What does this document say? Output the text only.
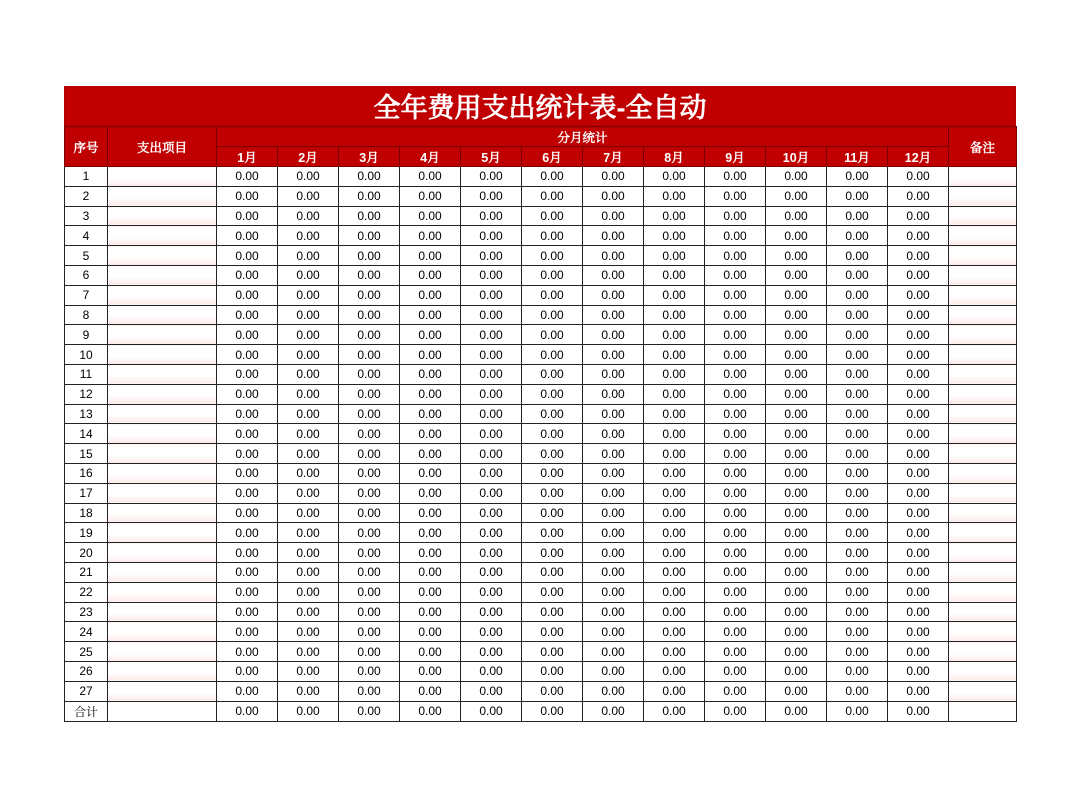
全年费用支出统计表-全自动
序号	支出项目	分月统计												备注
		1月	2月	3月	4月	5月	6月	7月	8月	9月	10月	11月	12月	
1		0.00	0.00	0.00	0.00	0.00	0.00	0.00	0.00	0.00	0.00	0.00	0.00	
2		0.00	0.00	0.00	0.00	0.00	0.00	0.00	0.00	0.00	0.00	0.00	0.00	
3		0.00	0.00	0.00	0.00	0.00	0.00	0.00	0.00	0.00	0.00	0.00	0.00	
4		0.00	0.00	0.00	0.00	0.00	0.00	0.00	0.00	0.00	0.00	0.00	0.00	
5		0.00	0.00	0.00	0.00	0.00	0.00	0.00	0.00	0.00	0.00	0.00	0.00	
6		0.00	0.00	0.00	0.00	0.00	0.00	0.00	0.00	0.00	0.00	0.00	0.00	
7		0.00	0.00	0.00	0.00	0.00	0.00	0.00	0.00	0.00	0.00	0.00	0.00	
8		0.00	0.00	0.00	0.00	0.00	0.00	0.00	0.00	0.00	0.00	0.00	0.00	
9		0.00	0.00	0.00	0.00	0.00	0.00	0.00	0.00	0.00	0.00	0.00	0.00	
10		0.00	0.00	0.00	0.00	0.00	0.00	0.00	0.00	0.00	0.00	0.00	0.00	
11		0.00	0.00	0.00	0.00	0.00	0.00	0.00	0.00	0.00	0.00	0.00	0.00	
12		0.00	0.00	0.00	0.00	0.00	0.00	0.00	0.00	0.00	0.00	0.00	0.00	
13		0.00	0.00	0.00	0.00	0.00	0.00	0.00	0.00	0.00	0.00	0.00	0.00	
14		0.00	0.00	0.00	0.00	0.00	0.00	0.00	0.00	0.00	0.00	0.00	0.00	
15		0.00	0.00	0.00	0.00	0.00	0.00	0.00	0.00	0.00	0.00	0.00	0.00	
16		0.00	0.00	0.00	0.00	0.00	0.00	0.00	0.00	0.00	0.00	0.00	0.00	
17		0.00	0.00	0.00	0.00	0.00	0.00	0.00	0.00	0.00	0.00	0.00	0.00	
18		0.00	0.00	0.00	0.00	0.00	0.00	0.00	0.00	0.00	0.00	0.00	0.00	
19		0.00	0.00	0.00	0.00	0.00	0.00	0.00	0.00	0.00	0.00	0.00	0.00	
20		0.00	0.00	0.00	0.00	0.00	0.00	0.00	0.00	0.00	0.00	0.00	0.00	
21		0.00	0.00	0.00	0.00	0.00	0.00	0.00	0.00	0.00	0.00	0.00	0.00	
22		0.00	0.00	0.00	0.00	0.00	0.00	0.00	0.00	0.00	0.00	0.00	0.00	
23		0.00	0.00	0.00	0.00	0.00	0.00	0.00	0.00	0.00	0.00	0.00	0.00	
24		0.00	0.00	0.00	0.00	0.00	0.00	0.00	0.00	0.00	0.00	0.00	0.00	
25		0.00	0.00	0.00	0.00	0.00	0.00	0.00	0.00	0.00	0.00	0.00	0.00	
26		0.00	0.00	0.00	0.00	0.00	0.00	0.00	0.00	0.00	0.00	0.00	0.00	
27		0.00	0.00	0.00	0.00	0.00	0.00	0.00	0.00	0.00	0.00	0.00	0.00	
合计		0.00	0.00	0.00	0.00	0.00	0.00	0.00	0.00	0.00	0.00	0.00	0.00	
